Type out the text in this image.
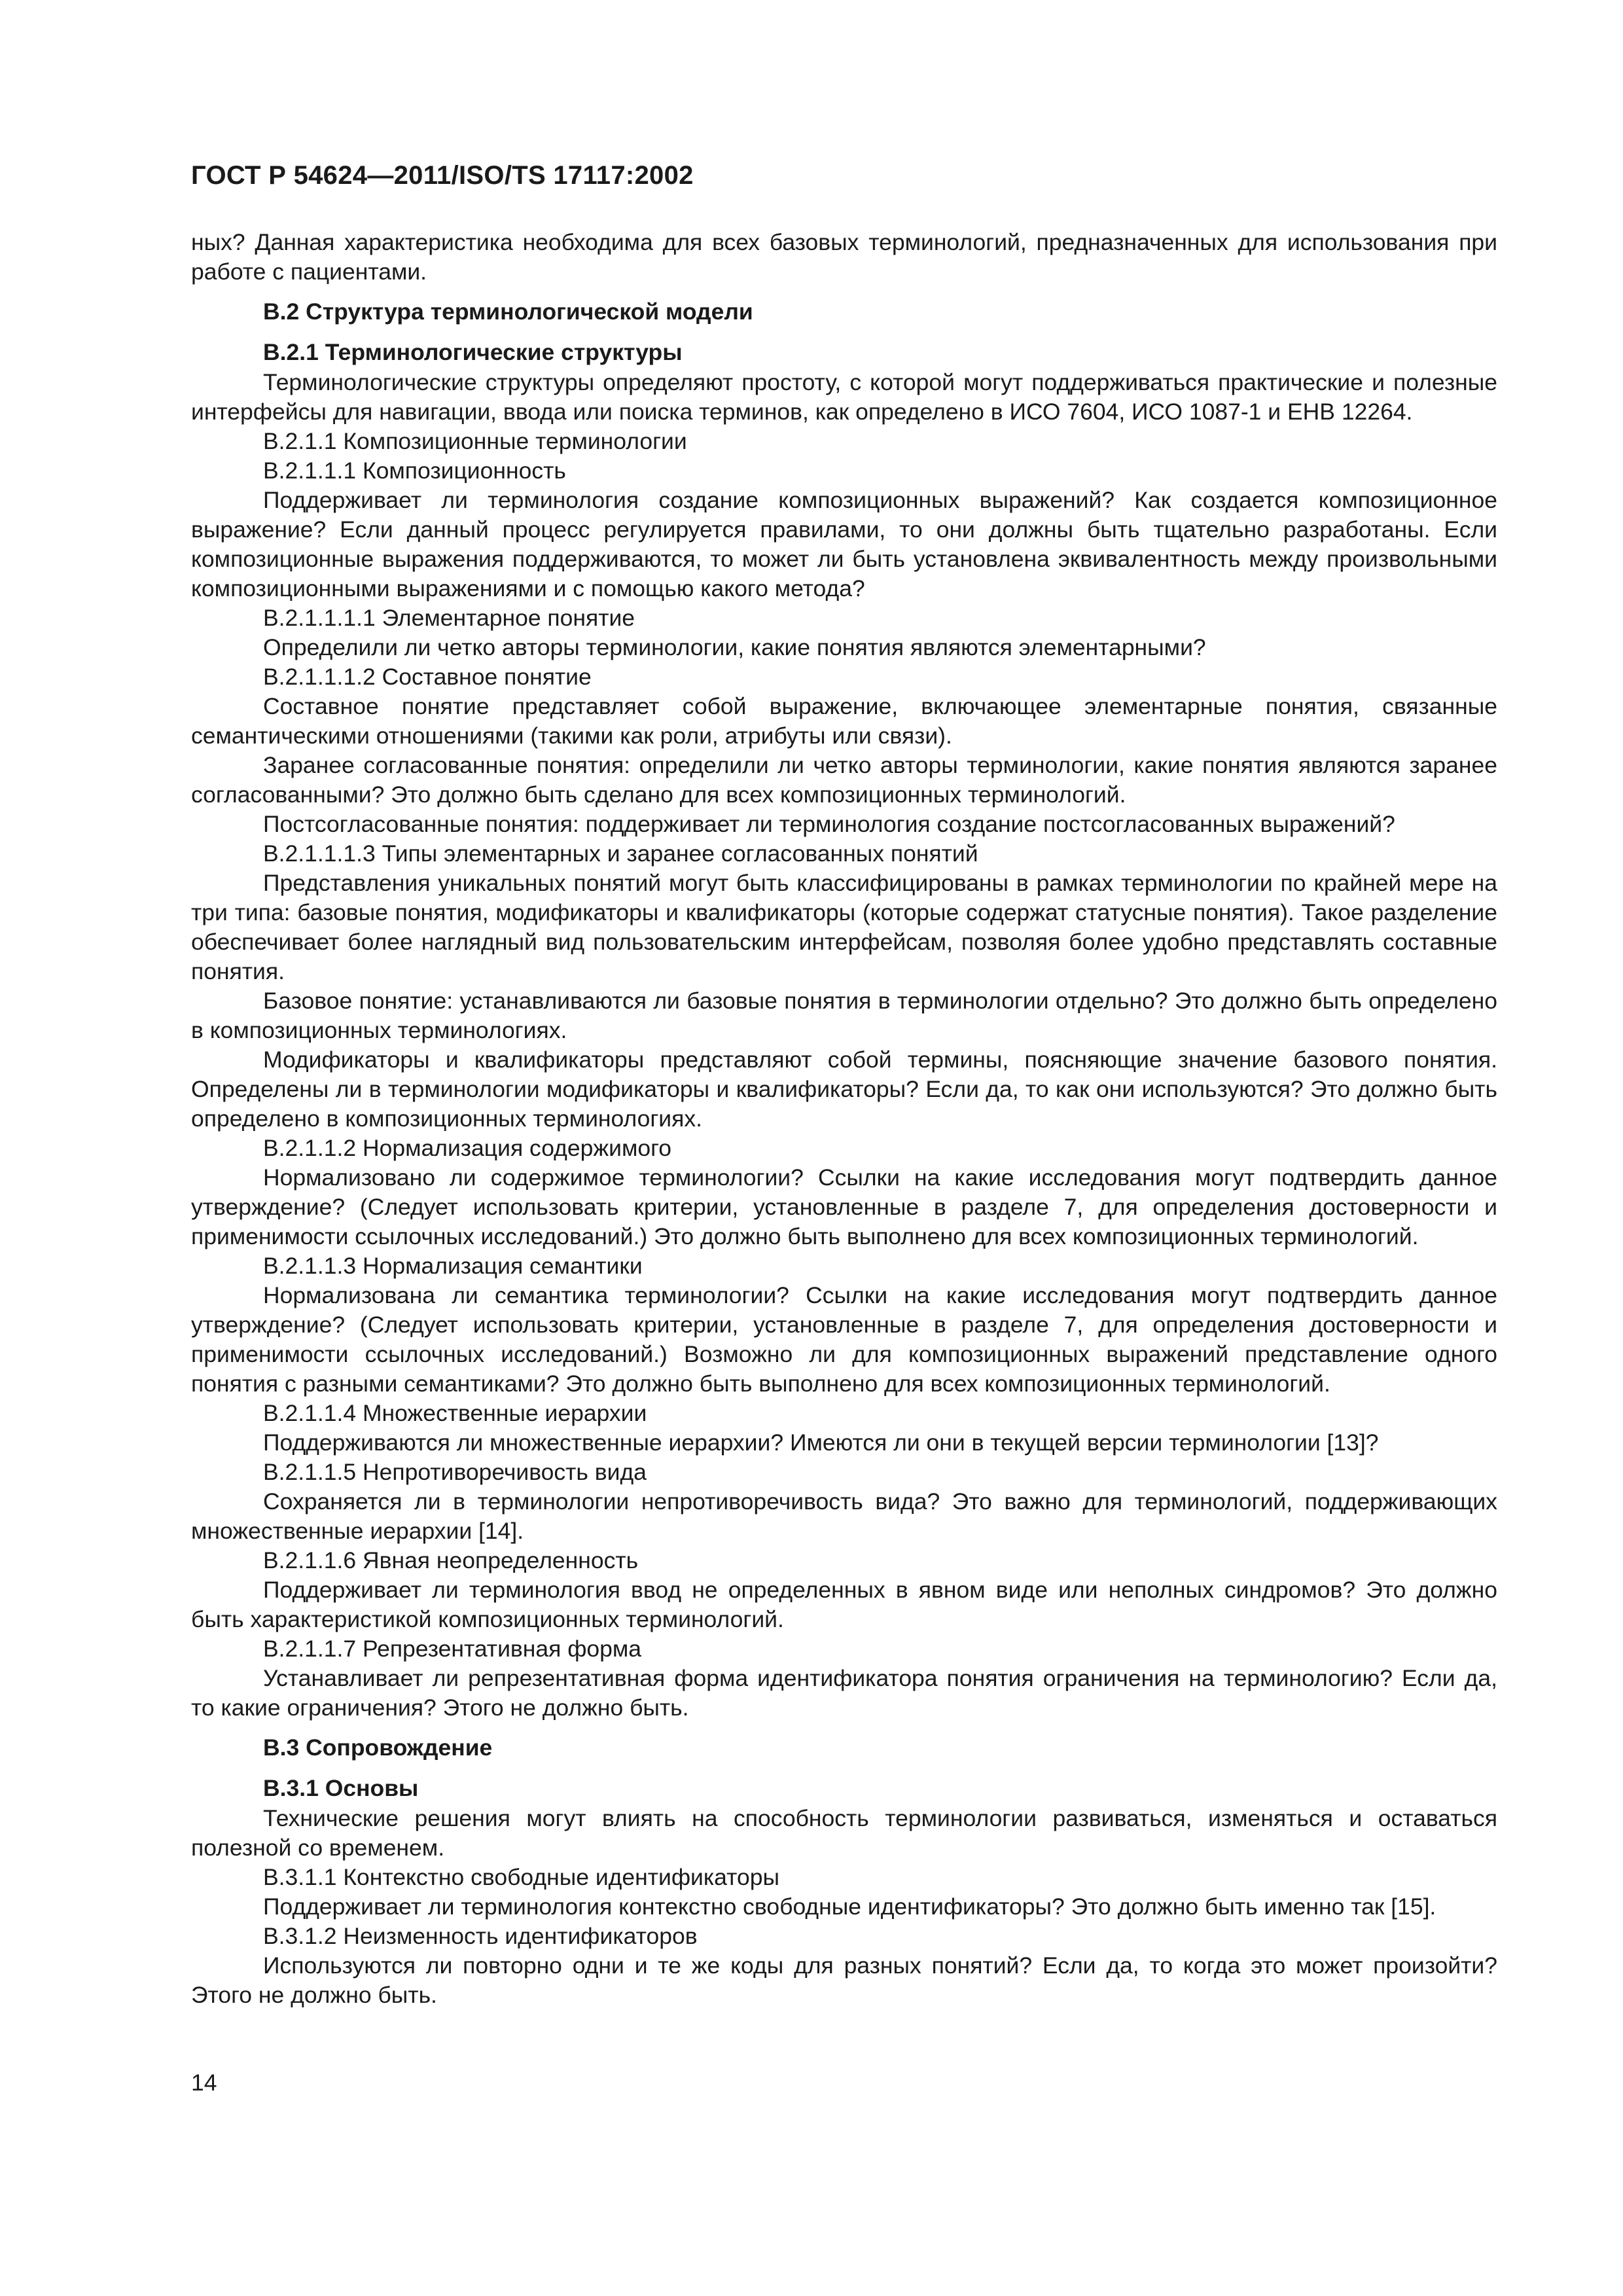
ГОСТ Р 54624—2011/ISO/TS 17117:2002

ных? Данная характеристика необходима для всех базовых терминологий, предназначенных для использования при работе с пациентами.

B.2 Структура терминологической модели
B.2.1 Терминологические структуры

Терминологические структуры определяют простоту, с которой могут поддерживаться практические и полезные интерфейсы для навигации, ввода или поиска терминов, как определено в ИСО 7604, ИСО 1087-1 и ЕНВ 12264.

B.2.1.1 Композиционные терминологии

B.2.1.1.1 Композиционность

Поддерживает ли терминология создание композиционных выражений? Как создается композиционное выражение? Если данный процесс регулируется правилами, то они должны быть тщательно разработаны. Если композиционные выражения поддерживаются, то может ли быть установлена эквивалентность между произвольными композиционными выражениями и с помощью какого метода?

B.2.1.1.1.1 Элементарное понятие

Определили ли четко авторы терминологии, какие понятия являются элементарными?

B.2.1.1.1.2 Составное понятие

Составное понятие представляет собой выражение, включающее элементарные понятия, связанные семантическими отношениями (такими как роли, атрибуты или связи).

Заранее согласованные понятия: определили ли четко авторы терминологии, какие понятия являются заранее согласованными? Это должно быть сделано для всех композиционных терминологий.

Постсогласованные понятия: поддерживает ли терминология создание постсогласованных выражений?

B.2.1.1.1.3 Типы элементарных и заранее согласованных понятий

Представления уникальных понятий могут быть классифицированы в рамках терминологии по крайней мере на три типа: базовые понятия, модификаторы и квалификаторы (которые содержат статусные понятия). Такое разделение обеспечивает более наглядный вид пользовательским интерфейсам, позволяя более удобно представлять составные понятия.

Базовое понятие: устанавливаются ли базовые понятия в терминологии отдельно? Это должно быть определено в композиционных терминологиях.

Модификаторы и квалификаторы представляют собой термины, поясняющие значение базового понятия. Определены ли в терминологии модификаторы и квалификаторы? Если да, то как они используются? Это должно быть определено в композиционных терминологиях.

B.2.1.1.2 Нормализация содержимого

Нормализовано ли содержимое терминологии? Ссылки на какие исследования могут подтвердить данное утверждение? (Следует использовать критерии, установленные в разделе 7, для определения достоверности и применимости ссылочных исследований.) Это должно быть выполнено для всех композиционных терминологий.

B.2.1.1.3 Нормализация семантики

Нормализована ли семантика терминологии? Ссылки на какие исследования могут подтвердить данное утверждение? (Следует использовать критерии, установленные в разделе 7, для определения достоверности и применимости ссылочных исследований.) Возможно ли для композиционных выражений представление одного понятия с разными семантиками? Это должно быть выполнено для всех композиционных терминологий.

B.2.1.1.4 Множественные иерархии

Поддерживаются ли множественные иерархии? Имеются ли они в текущей версии терминологии [13]?

B.2.1.1.5 Непротиворечивость вида

Сохраняется ли в терминологии непротиворечивость вида? Это важно для терминологий, поддерживающих множественные иерархии [14].

B.2.1.1.6 Явная неопределенность

Поддерживает ли терминология ввод не определенных в явном виде или неполных синдромов? Это должно быть характеристикой композиционных терминологий.

B.2.1.1.7 Репрезентативная форма

Устанавливает ли репрезентативная форма идентификатора понятия ограничения на терминологию? Если да, то какие ограничения? Этого не должно быть.

B.3 Сопровождение
B.3.1 Основы

Технические решения могут влиять на способность терминологии развиваться, изменяться и оставаться полезной со временем.

B.3.1.1 Контекстно свободные идентификаторы

Поддерживает ли терминология контекстно свободные идентификаторы? Это должно быть именно так [15].

B.3.1.2 Неизменность идентификаторов

Используются ли повторно одни и те же коды для разных понятий? Если да, то когда это может произойти? Этого не должно быть.

14
